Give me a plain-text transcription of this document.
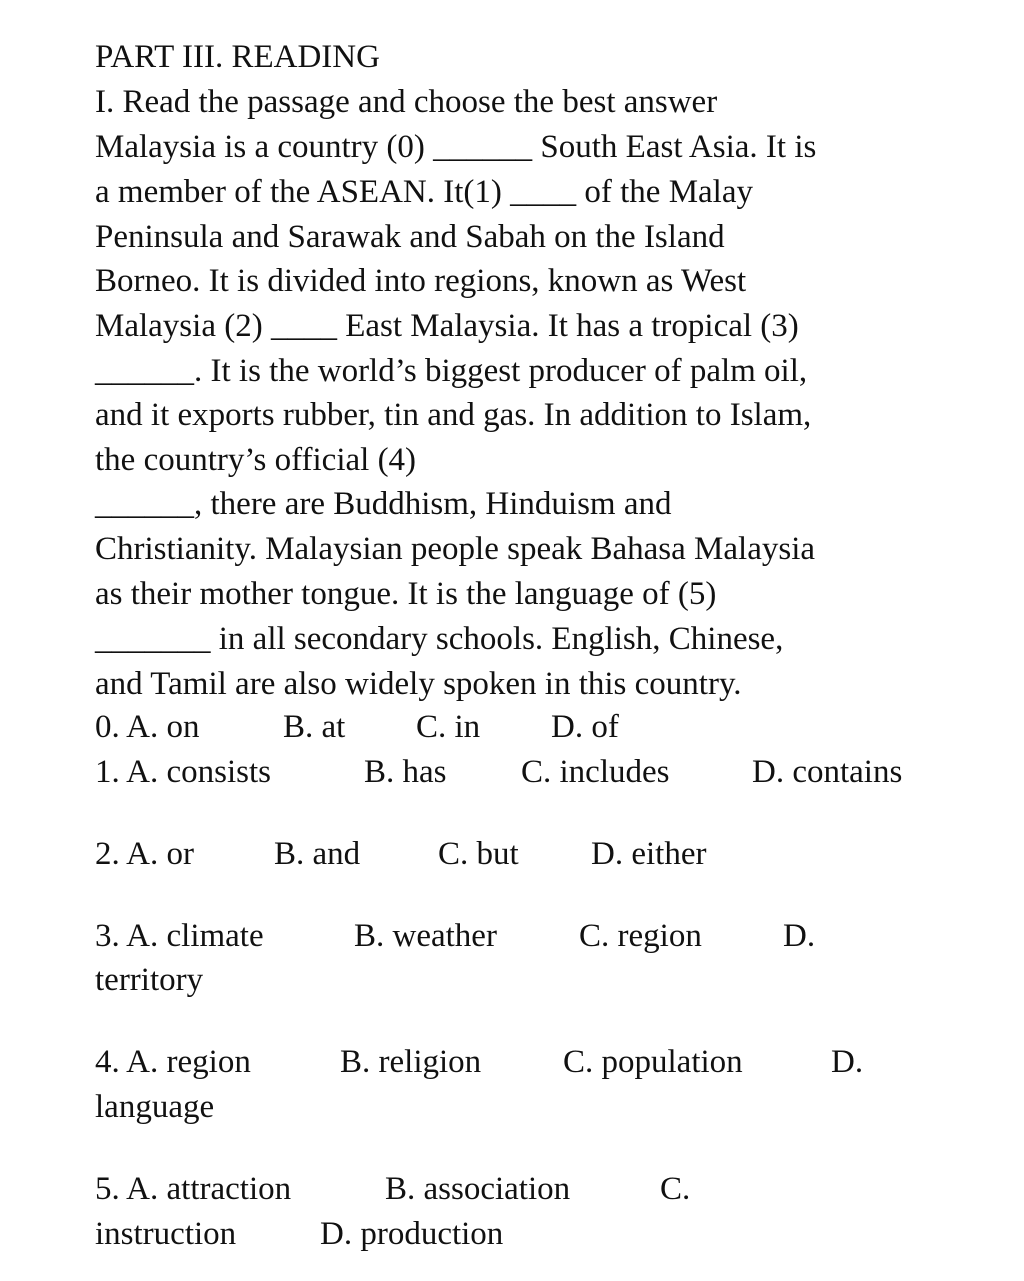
PART III. READING
I. Read the passage and choose the best answer
Malaysia is a country (0) ______ South East Asia. It is
a member of the ASEAN. It(1) ____ of the Malay
Peninsula and Sarawak and Sabah on the Island
Borneo. It is divided into regions, known as West
Malaysia (2) ____ East Malaysia. It has a tropical (3)
______. It is the world’s biggest producer of palm oil,
and it exports rubber, tin and gas. In addition to Islam,
the country’s official (4)
______, there are Buddhism, Hinduism and
Christianity. Malaysian people speak Bahasa Malaysia
as their mother tongue. It is the language of (5)
_______ in all secondary schools. English, Chinese,
and Tamil are also widely spoken in this country.
0. A. on	B. at C. in D. of
1. A. consists	B. has C. includes	D. contains
2. A. or B. and C. but D. either
3. A. climate	B. weather C. region D.
territory
4. A. region	B. religion C. population	D.
language
5. A. attraction	B. association	C.
instruction	D. production
